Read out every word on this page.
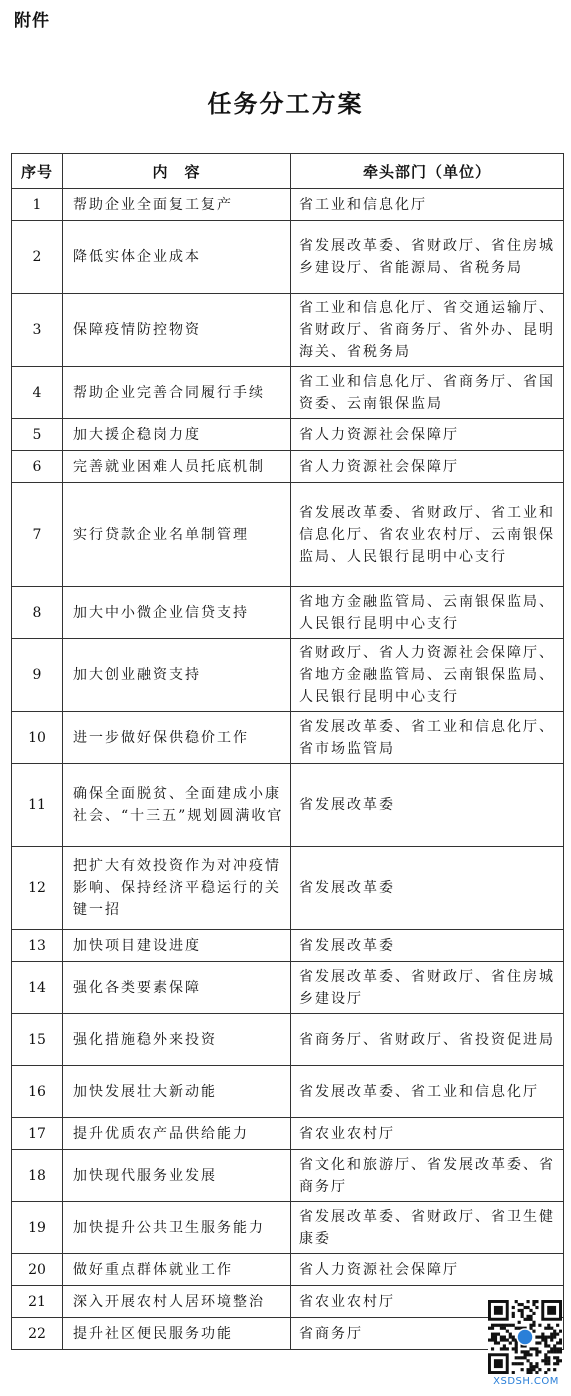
附件
任务分工方案
序号	内　容	牵头部门（单位）
1	帮助企业全面复工复产	省工业和信息化厅
2	降低实体企业成本	省发展改革委、省财政厅、省住房城乡建设厅、省能源局、省税务局
3	保障疫情防控物资	省工业和信息化厅、省交通运输厅、省财政厅、省商务厅、省外办、昆明海关、省税务局
4	帮助企业完善合同履行手续	省工业和信息化厅、省商务厅、省国资委、云南银保监局
5	加大援企稳岗力度	省人力资源社会保障厅
6	完善就业困难人员托底机制	省人力资源社会保障厅
7	实行贷款企业名单制管理	省发展改革委、省财政厅、省工业和信息化厅、省农业农村厅、云南银保监局、人民银行昆明中心支行
8	加大中小微企业信贷支持	省地方金融监管局、云南银保监局、人民银行昆明中心支行
9	加大创业融资支持	省财政厅、省人力资源社会保障厅、省地方金融监管局、云南银保监局、人民银行昆明中心支行
10	进一步做好保供稳价工作	省发展改革委、省工业和信息化厅、省市场监管局
11	确保全面脱贫、全面建成小康社会、“十三五”规划圆满收官	省发展改革委
12	把扩大有效投资作为对冲疫情影响、保持经济平稳运行的关键一招	省发展改革委
13	加快项目建设进度	省发展改革委
14	强化各类要素保障	省发展改革委、省财政厅、省住房城乡建设厅
15	强化措施稳外来投资	省商务厅、省财政厅、省投资促进局
16	加快发展壮大新动能	省发展改革委、省工业和信息化厅
17	提升优质农产品供给能力	省农业农村厅
18	加快现代服务业发展	省文化和旅游厅、省发展改革委、省商务厅
19	加快提升公共卫生服务能力	省发展改革委、省财政厅、省卫生健康委
20	做好重点群体就业工作	省人力资源社会保障厅
21	深入开展农村人居环境整治	省农业农村厅
22	提升社区便民服务功能	省商务厅
XSDSH.COM
